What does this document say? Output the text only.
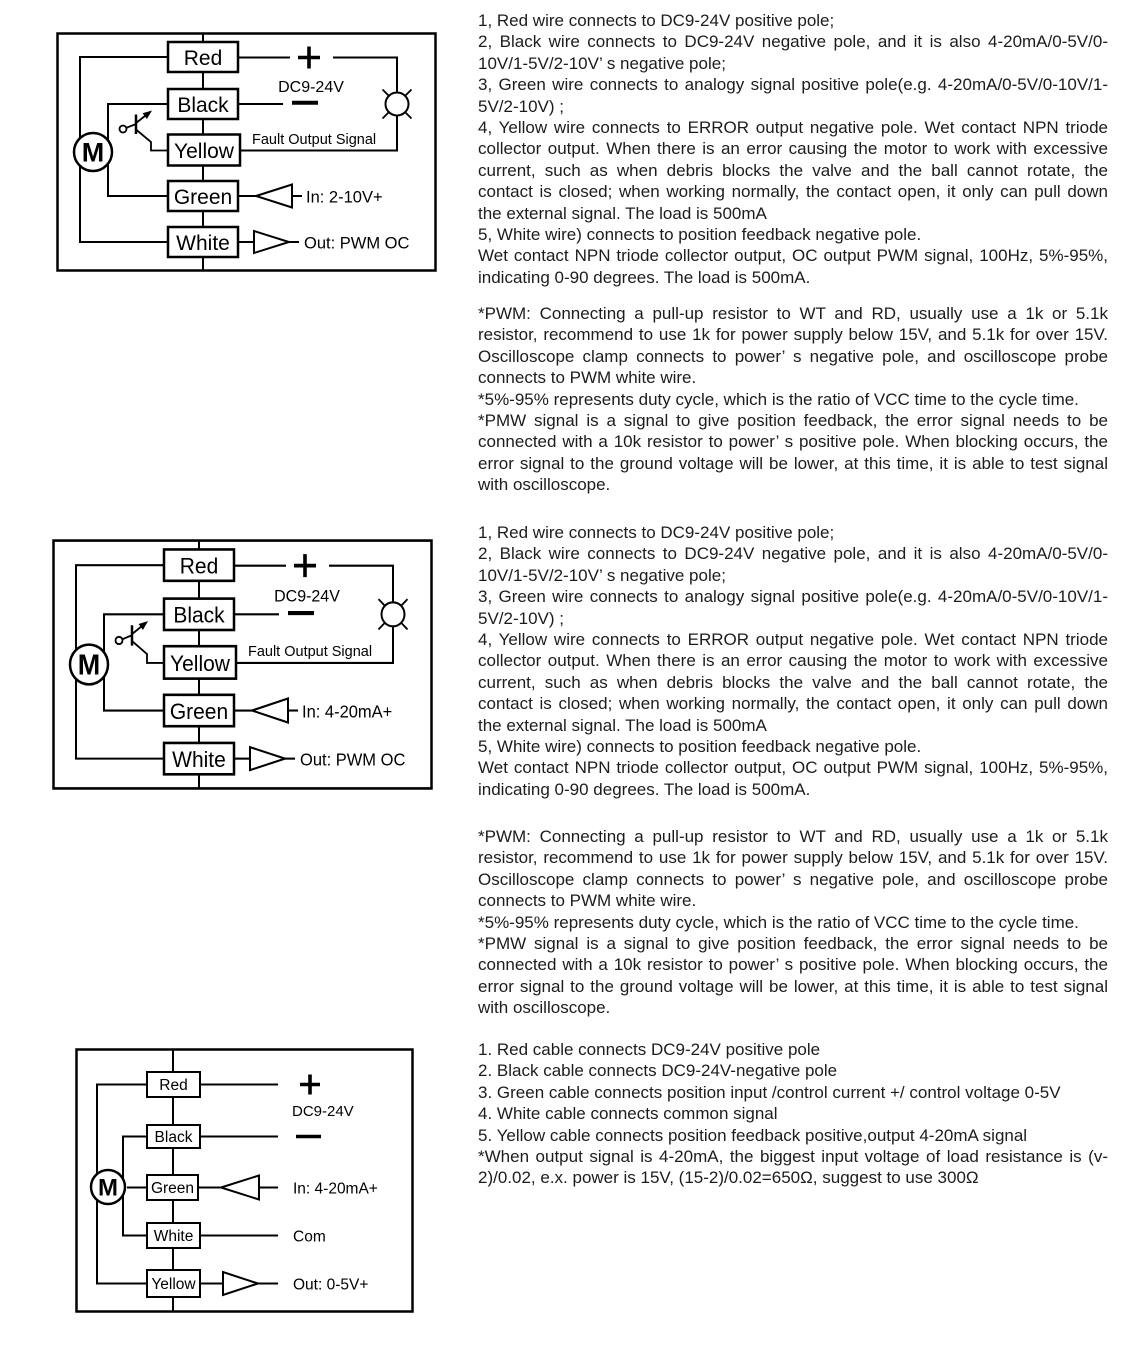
M
Red
Black
Yellow
Green
White
DC9-24V
Fault Output Signal
In: 2-10V+
Out: PWM OC
M
Red
Black
Yellow
Green
White
DC9-24V
Fault Output Signal
In: 4-20mA+
Out: PWM OC
M
Red
Black
Green
White
Yellow
DC9-24V
In: 4-20mA+
Com
Out: 0-5V+

1, Red wire connects to DC9-24V positive pole;

2, Black wire connects to DC9-24V negative pole, and it is also 4-20mA/0-5V/0-10V/1-5V/2-10V’ s negative pole;

3, Green wire connects to analogy signal positive pole(e.g. 4-20mA/0-5V/0-10V/1-5V/2-10V) ;

4, Yellow wire connects to ERROR output negative pole. Wet contact NPN triode collector output. When there is an error causing the motor to work with excessive current, such as when debris blocks the valve and the ball cannot rotate, the contact is closed; when working normally, the contact open, it only can pull down the external signal. The load is 500mA

5, White wire) connects to position feedback negative pole.

Wet contact NPN triode collector output, OC output PWM signal, 100Hz, 5%-95%, indicating 0-90 degrees. The load is 500mA.

*PWM: Connecting a pull-up resistor to WT and RD, usually use a 1k or 5.1k resistor, recommend to use 1k for power supply below 15V, and 5.1k for over 15V. Oscilloscope clamp connects to power’ s negative pole, and oscilloscope probe connects to PWM white wire.

*5%-95% represents duty cycle, which is the ratio of VCC time to the cycle time.

*PMW signal is a signal to give position feedback, the error signal needs to be connected with a 10k resistor to power’ s positive pole. When blocking occurs, the error signal to the ground voltage will be lower, at this time, it is able to test signal with oscilloscope.

1, Red wire connects to DC9-24V positive pole;

2, Black wire connects to DC9-24V negative pole, and it is also 4-20mA/0-5V/0-10V/1-5V/2-10V’ s negative pole;

3, Green wire connects to analogy signal positive pole(e.g. 4-20mA/0-5V/0-10V/1-5V/2-10V) ;

4, Yellow wire connects to ERROR output negative pole. Wet contact NPN triode collector output. When there is an error causing the motor to work with excessive current, such as when debris blocks the valve and the ball cannot rotate, the contact is closed; when working normally, the contact open, it only can pull down the external signal. The load is 500mA

5, White wire) connects to position feedback negative pole.

Wet contact NPN triode collector output, OC output PWM signal, 100Hz, 5%-95%, indicating 0-90 degrees. The load is 500mA.

*PWM: Connecting a pull-up resistor to WT and RD, usually use a 1k or 5.1k resistor, recommend to use 1k for power supply below 15V, and 5.1k for over 15V. Oscilloscope clamp connects to power’ s negative pole, and oscilloscope probe connects to PWM white wire.

*5%-95% represents duty cycle, which is the ratio of VCC time to the cycle time.

*PMW signal is a signal to give position feedback, the error signal needs to be connected with a 10k resistor to power’ s positive pole. When blocking occurs, the error signal to the ground voltage will be lower, at this time, it is able to test signal with oscilloscope.

1. Red cable connects DC9-24V positive pole

2. Black cable connects DC9-24V-negative pole

3. Green cable connects position input /control current +/ control voltage 0-5V

4. White cable connects common signal

5. Yellow cable connects position feedback positive,output 4-20mA signal

*When output signal is 4-20mA, the biggest input voltage of load resistance is (v-2)/0.02, e.x. power is 15V, (15-2)/0.02=650Ω, suggest to use 300Ω
